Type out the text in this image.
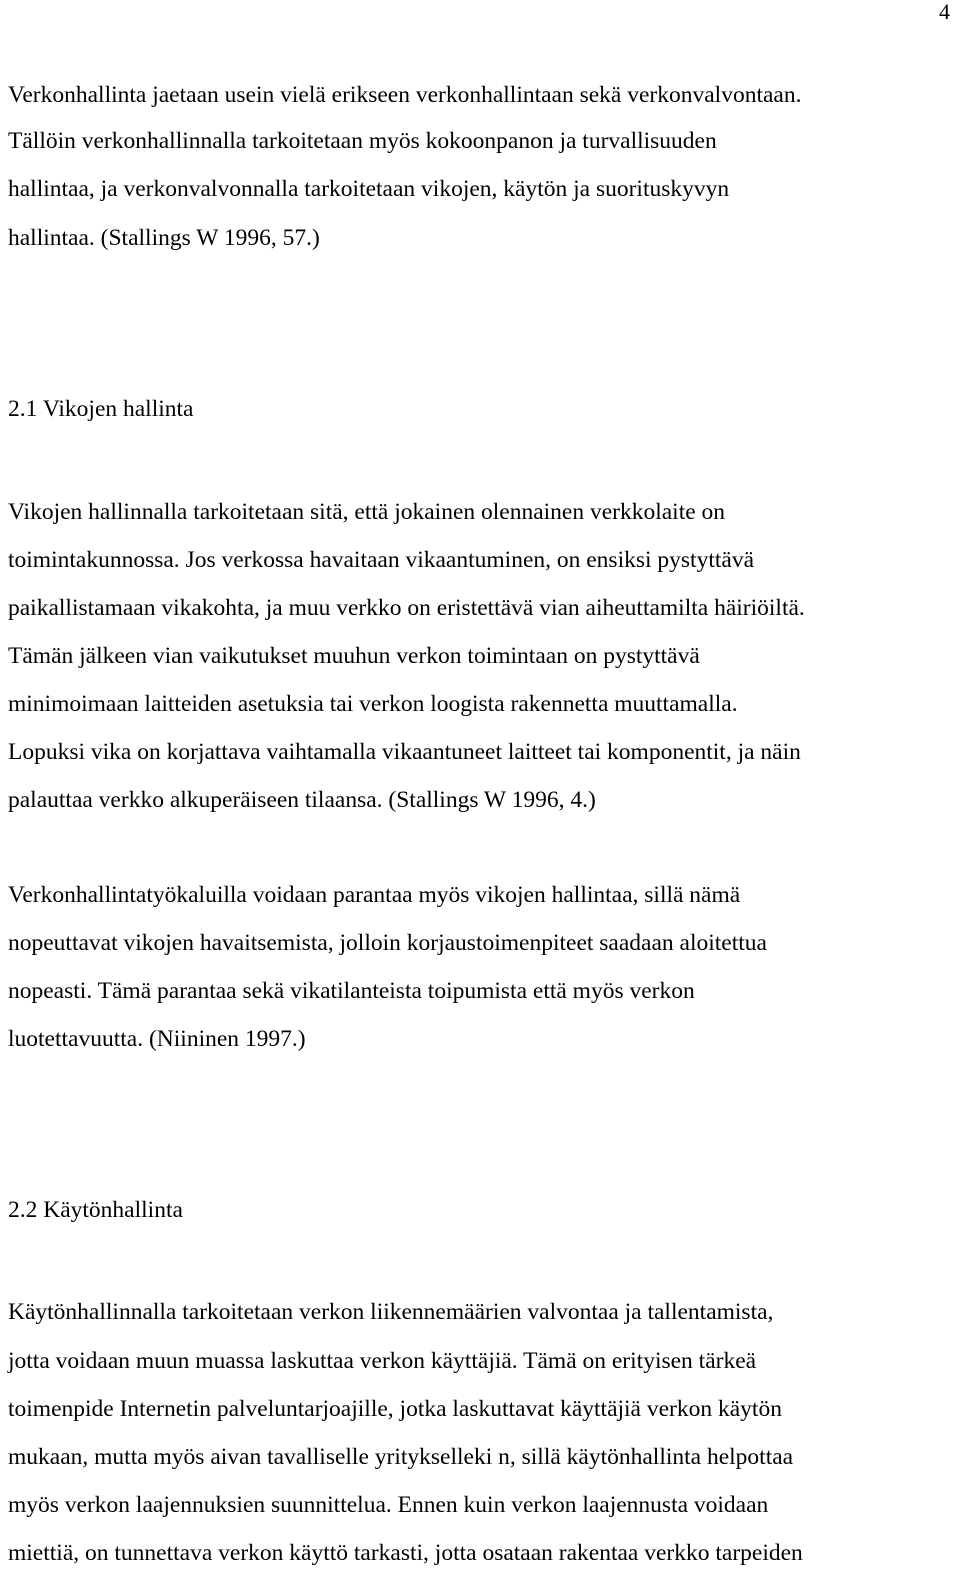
4
Verkonhallinta jaetaan usein vielä erikseen verkonhallintaan sekä verkonvalvontaan.
Tällöin verkonhallinnalla tarkoitetaan myös kokoonpanon ja turvallisuuden
hallintaa, ja verkonvalvonnalla tarkoitetaan vikojen, käytön ja suorituskyvyn
hallintaa. (Stallings W 1996, 57.)
2.1 Vikojen hallinta
Vikojen hallinnalla tarkoitetaan sitä, että jokainen olennainen verkkolaite on
toimintakunnossa. Jos verkossa havaitaan vikaantuminen, on ensiksi pystyttävä
paikallistamaan vikakohta, ja muu verkko on eristettävä vian aiheuttamilta häiriöiltä.
Tämän jälkeen vian vaikutukset muuhun verkon toimintaan on pystyttävä
minimoimaan laitteiden asetuksia tai verkon loogista rakennetta muuttamalla.
Lopuksi vika on korjattava vaihtamalla vikaantuneet laitteet tai komponentit, ja näin
palauttaa verkko alkuperäiseen tilaansa. (Stallings W 1996, 4.)
Verkonhallintatyökaluilla voidaan parantaa myös vikojen hallintaa, sillä nämä
nopeuttavat vikojen havaitsemista, jolloin korjaustoimenpiteet saadaan aloitettua
nopeasti. Tämä parantaa sekä vikatilanteista toipumista että myös verkon
luotettavuutta. (Niininen 1997.)
2.2 Käytönhallinta
Käytönhallinnalla tarkoitetaan verkon liikennemäärien valvontaa ja tallentamista,
jotta voidaan muun muassa laskuttaa verkon käyttäjiä. Tämä on erityisen tärkeä
toimenpide Internetin palveluntarjoajille, jotka laskuttavat käyttäjiä verkon käytön
mukaan, mutta myös aivan tavalliselle yritykselleki n, sillä käytönhallinta helpottaa
myös verkon laajennuksien suunnittelua. Ennen kuin verkon laajennusta voidaan
miettiä, on tunnettava verkon käyttö tarkasti, jotta osataan rakentaa verkko tarpeiden
